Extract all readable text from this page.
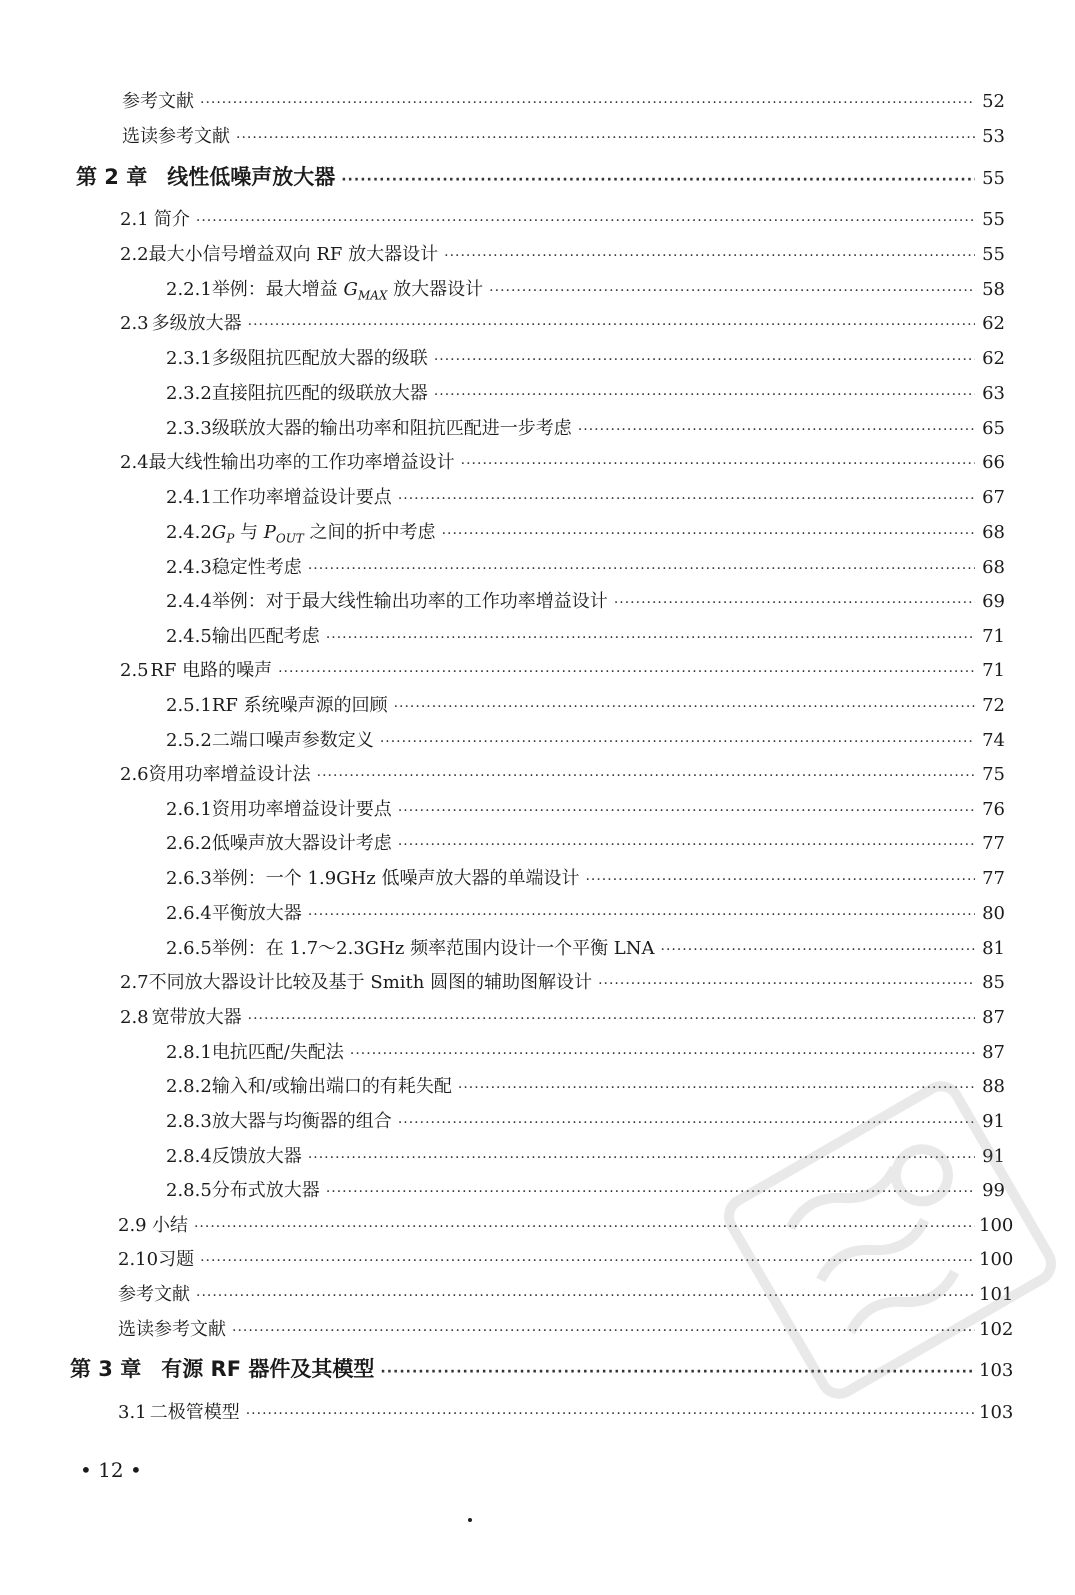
参考文献 ·····	52
选读参考文献 ·····	53
第 2 章 线性低噪声放大器 ·····	55
2.1 简介 ·····	55
2.2 最大小信号增益双向 RF 放大器设计 ·····	55
2.2.1 举例：最大增益 $G_{MAX}$ 放大器设计 ·····	58
2.3 多级放大器 ·····	62
2.3.1 多级阻抗匹配放大器的级联 ·····	62
2.3.2 直接阻抗匹配的级联放大器 ·····	63
2.3.3 级联放大器的输出功率和阻抗匹配进一步考虑 ·····	65
2.4 最大线性输出功率的工作功率增益设计 ·····	66
2.4.1 工作功率增益设计要点 ·····	67
2.4.2 $G_P$ 与 $P_{OUT}$ 之间的折中考虑 ·····	68
2.4.3 稳定性考虑 ·····	68
2.4.4 举例：对于最大线性输出功率的工作功率增益设计 ·····	69
2.4.5 输出匹配考虑 ·····	71
2.5 RF 电路的噪声 ·····	71
2.5.1 RF 系统噪声源的回顾 ·····	72
2.5.2 二端口噪声参数定义 ·····	74
2.6 资用功率增益设计法 ·····	75
2.6.1 资用功率增益设计要点 ·····	76
2.6.2 低噪声放大器设计考虑 ·····	77
2.6.3 举例：一个 1.9GHz 低噪声放大器的单端设计 ·····	77
2.6.4 平衡放大器 ·····	80
2.6.5 举例：在 1.7～2.3GHz 频率范围内设计一个平衡 LNA ·····	81
2.7 不同放大器设计比较及基于 Smith 圆图的辅助图解设计 ·····	85
2.8 宽带放大器 ·····	87
2.8.1 电抗匹配/失配法 ·····	87
2.8.2 输入和/或输出端口的有耗失配 ·····	88
2.8.3 放大器与均衡器的组合 ·····	91
2.8.4 反馈放大器 ·····	91
2.8.5 分布式放大器 ·····	99
2.9 小结 ·····	100
2.10 习题 ·····	100
参考文献 ·····	101
选读参考文献 ·····	102
第 3 章 有源 RF 器件及其模型 ·····	103
3.1 二极管模型 ·····	103
• 12 •
